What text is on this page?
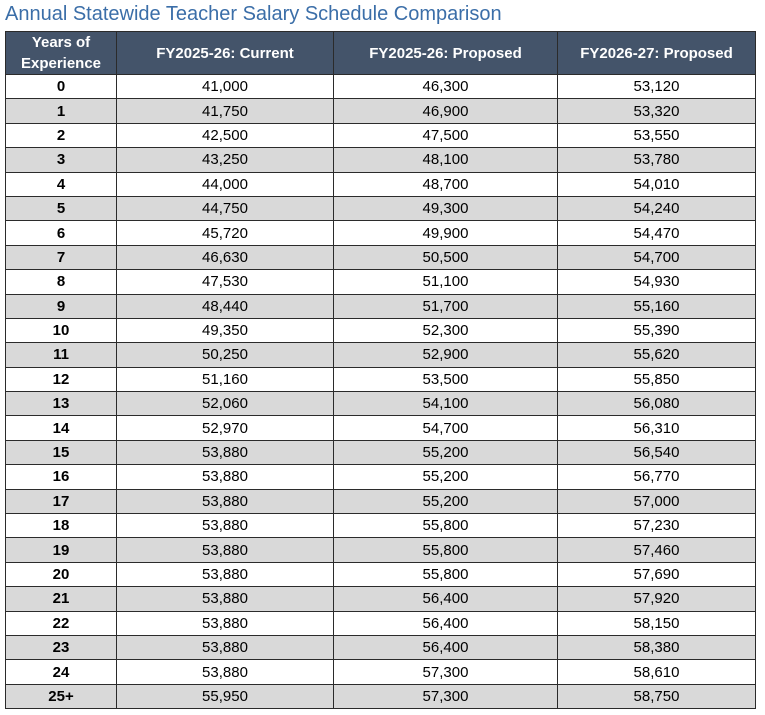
Annual Statewide Teacher Salary Schedule Comparison
Years of Experience	FY2025-26: Current	FY2025-26: Proposed	FY2026-27: Proposed
0	41,000	46,300	53,120
1	41,750	46,900	53,320
2	42,500	47,500	53,550
3	43,250	48,100	53,780
4	44,000	48,700	54,010
5	44,750	49,300	54,240
6	45,720	49,900	54,470
7	46,630	50,500	54,700
8	47,530	51,100	54,930
9	48,440	51,700	55,160
10	49,350	52,300	55,390
11	50,250	52,900	55,620
12	51,160	53,500	55,850
13	52,060	54,100	56,080
14	52,970	54,700	56,310
15	53,880	55,200	56,540
16	53,880	55,200	56,770
17	53,880	55,200	57,000
18	53,880	55,800	57,230
19	53,880	55,800	57,460
20	53,880	55,800	57,690
21	53,880	56,400	57,920
22	53,880	56,400	58,150
23	53,880	56,400	58,380
24	53,880	57,300	58,610
25+	55,950	57,300	58,750
